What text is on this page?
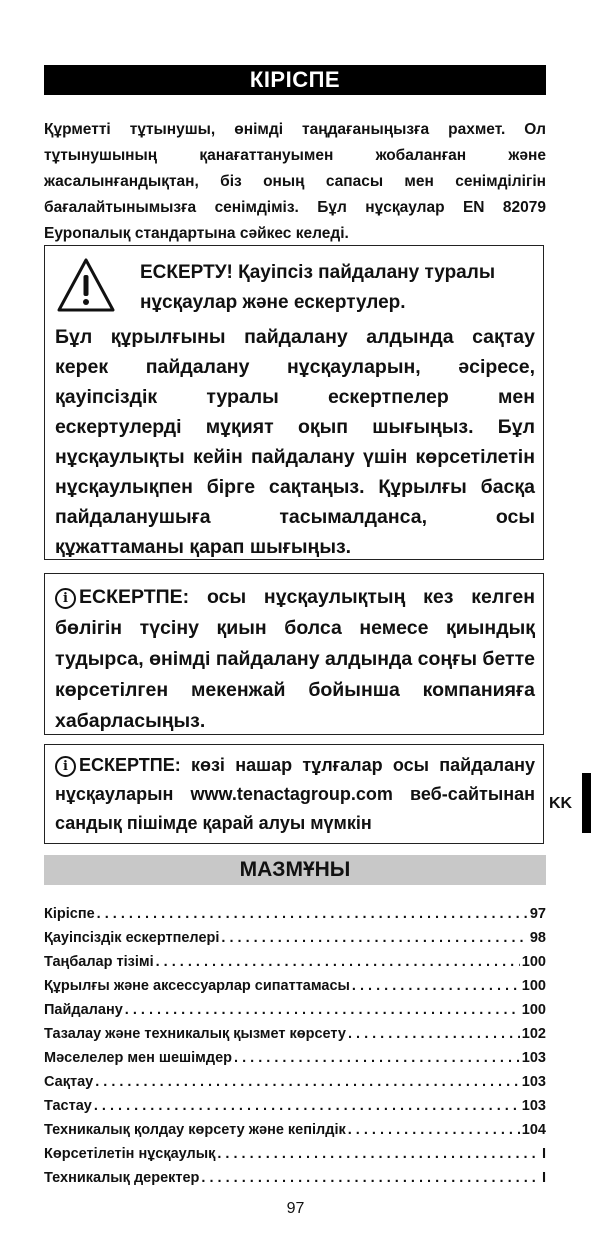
КІРІСПЕ
Құрметті тұтынушы, өнімді таңдағаныңызға рахмет. Ол тұтынушының қанағаттануымен жобаланған және жасалынғандықтан, біз оның сапасы мен сенімділігін бағалайтынымызға сенімдіміз. Бұл нұсқаулар EN 82079 Еуропалық стандартына сәйкес келеді.
ЕСКЕРТУ! Қауіпсіз пайдалану туралы нұсқаулар және ескертулер.
Бұл құрылғыны пайдалану алдында сақтау керек пайдалану нұсқауларын, әсіресе, қауіпсіздік туралы ескертпелер мен ескертулерді мұқият оқып шығыңыз. Бұл нұсқаулықты кейін пайдалану үшін көрсетілетін нұсқаулықпен бірге сақтаңыз. Құрылғы басқа пайдаланушыға тасымалданса, осы құжаттаманы қарап шығыңыз.
i ЕСКЕРТПЕ: осы нұсқаулықтың кез келген бөлігін түсіну қиын болса немесе қиындық тудырса, өнімді пайдалану алдында соңғы бетте көрсетілген мекенжай бойынша компанияға хабарласыңыз.
i ЕСКЕРТПЕ: көзі нашар тұлғалар осы пайдалану нұсқауларын www.tenactagroup.com веб-сайтынан сандық пішімде қарай алуы мүмкін
KK
МАЗМҰНЫ
Кіріспе . . .	97
Қауіпсіздік ескертпелері . . .	98
Таңбалар тізімі . . .	100
Құрылғы және аксессуарлар сипаттамасы . . .	100
Пайдалану . . .	100
Тазалау және техникалық қызмет көрсету . . .	102
Мәселелер мен шешімдер . . .	103
Сақтау . . .	103
Тастау . . .	103
Техникалық қолдау көрсету және кепілдік . . .	104
Көрсетілетін нұсқаулық . . .	I
Техникалық деректер . . .	I
97
